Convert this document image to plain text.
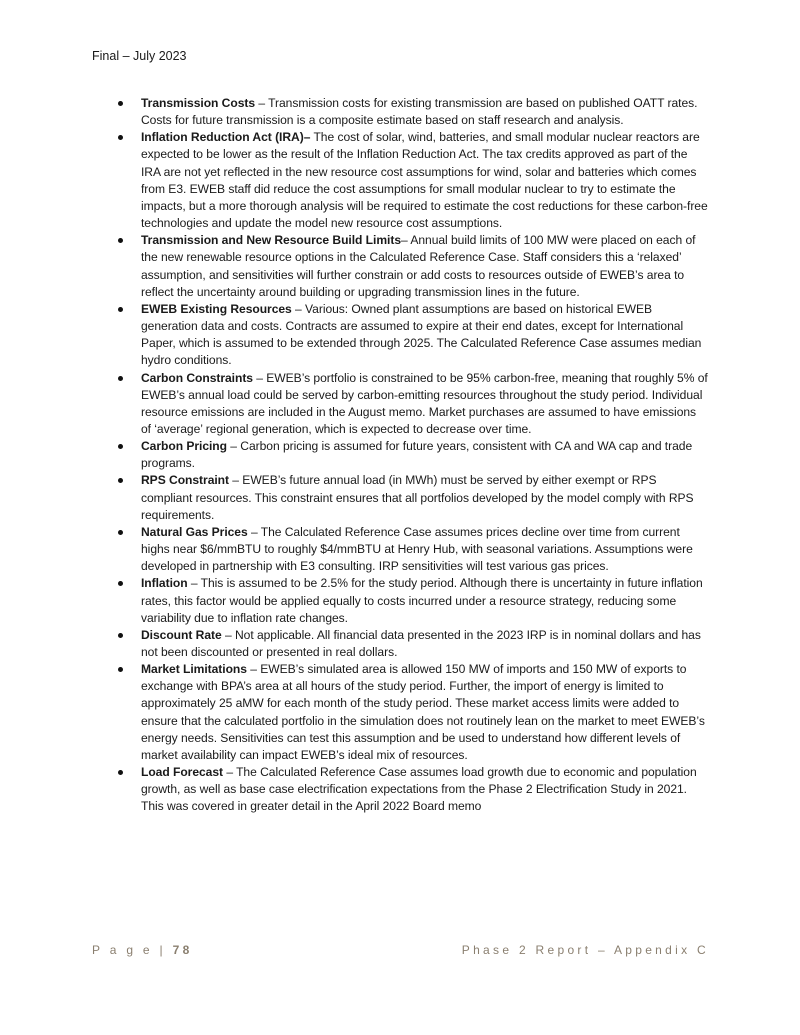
Final – July 2023
Transmission Costs – Transmission costs for existing transmission are based on published OATT rates. Costs for future transmission is a composite estimate based on staff research and analysis.
Inflation Reduction Act (IRA)– The cost of solar, wind, batteries, and small modular nuclear reactors are expected to be lower as the result of the Inflation Reduction Act. The tax credits approved as part of the IRA are not yet reflected in the new resource cost assumptions for wind, solar and batteries which comes from E3. EWEB staff did reduce the cost assumptions for small modular nuclear to try to estimate the impacts, but a more thorough analysis will be required to estimate the cost reductions for these carbon-free technologies and update the model new resource cost assumptions.
Transmission and New Resource Build Limits– Annual build limits of 100 MW were placed on each of the new renewable resource options in the Calculated Reference Case. Staff considers this a ‘relaxed’ assumption, and sensitivities will further constrain or add costs to resources outside of EWEB’s area to reflect the uncertainty around building or upgrading transmission lines in the future.
EWEB Existing Resources – Various: Owned plant assumptions are based on historical EWEB generation data and costs. Contracts are assumed to expire at their end dates, except for International Paper, which is assumed to be extended through 2025. The Calculated Reference Case assumes median hydro conditions.
Carbon Constraints – EWEB’s portfolio is constrained to be 95% carbon-free, meaning that roughly 5% of EWEB’s annual load could be served by carbon-emitting resources throughout the study period. Individual resource emissions are included in the August memo. Market purchases are assumed to have emissions of ‘average’ regional generation, which is expected to decrease over time.
Carbon Pricing – Carbon pricing is assumed for future years, consistent with CA and WA cap and trade programs.
RPS Constraint – EWEB’s future annual load (in MWh) must be served by either exempt or RPS compliant resources. This constraint ensures that all portfolios developed by the model comply with RPS requirements.
Natural Gas Prices – The Calculated Reference Case assumes prices decline over time from current highs near $6/mmBTU to roughly $4/mmBTU at Henry Hub, with seasonal variations. Assumptions were developed in partnership with E3 consulting. IRP sensitivities will test various gas prices.
Inflation – This is assumed to be 2.5% for the study period. Although there is uncertainty in future inflation rates, this factor would be applied equally to costs incurred under a resource strategy, reducing some variability due to inflation rate changes.
Discount Rate – Not applicable. All financial data presented in the 2023 IRP is in nominal dollars and has not been discounted or presented in real dollars.
Market Limitations – EWEB’s simulated area is allowed 150 MW of imports and 150 MW of exports to exchange with BPA’s area at all hours of the study period. Further, the import of energy is limited to approximately 25 aMW for each month of the study period. These market access limits were added to ensure that the calculated portfolio in the simulation does not routinely lean on the market to meet EWEB’s energy needs. Sensitivities can test this assumption and be used to understand how different levels of market availability can impact EWEB’s ideal mix of resources.
Load Forecast – The Calculated Reference Case assumes load growth due to economic and population growth, as well as base case electrification expectations from the Phase 2 Electrification Study in 2021. This was covered in greater detail in the April 2022 Board memo
P a g e | 78	Phase 2 Report – Appendix C
